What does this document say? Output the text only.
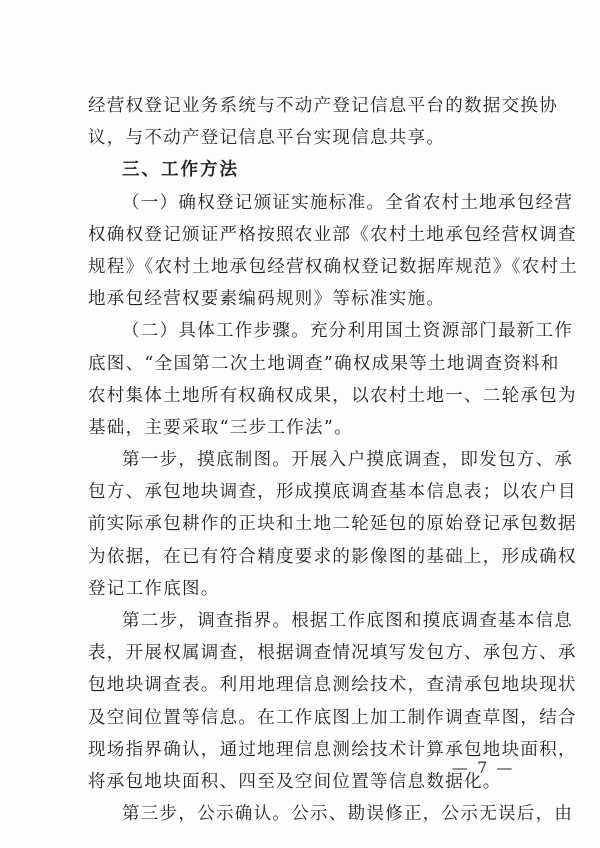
经营权登记业务系统与不动产登记信息平台的数据交换协
议，与不动产登记信息平台实现信息共享。
三、工作方法
（一）确权登记颁证实施标准。全省农村土地承包经营
权确权登记颁证严格按照农业部《农村土地承包经营权调查
规程》《农村土地承包经营权确权登记数据库规范》《农村土
地承包经营权要素编码规则》等标准实施。
（二）具体工作步骤。充分利用国土资源部门最新工作
底图、“全国第二次土地调查”确权成果等土地调查资料和
农村集体土地所有权确权成果，以农村土地一、二轮承包为
基础，主要采取“三步工作法”。
第一步，摸底制图。开展入户摸底调查，即发包方、承
包方、承包地块调查，形成摸底调查基本信息表；以农户目
前实际承包耕作的正块和土地二轮延包的原始登记承包数据
为依据，在已有符合精度要求的影像图的基础上，形成确权
登记工作底图。
第二步，调查指界。根据工作底图和摸底调查基本信息
表，开展权属调查，根据调查情况填写发包方、承包方、承
包地块调查表。利用地理信息测绘技术，查清承包地块现状
及空间位置等信息。在工作底图上加工制作调查草图，结合
现场指界确认，通过地理信息测绘技术计算承包地块面积，
将承包地块面积、四至及空间位置等信息数据化。
第三步，公示确认。公示、勘误修正，公示无误后，由
— 7 —
